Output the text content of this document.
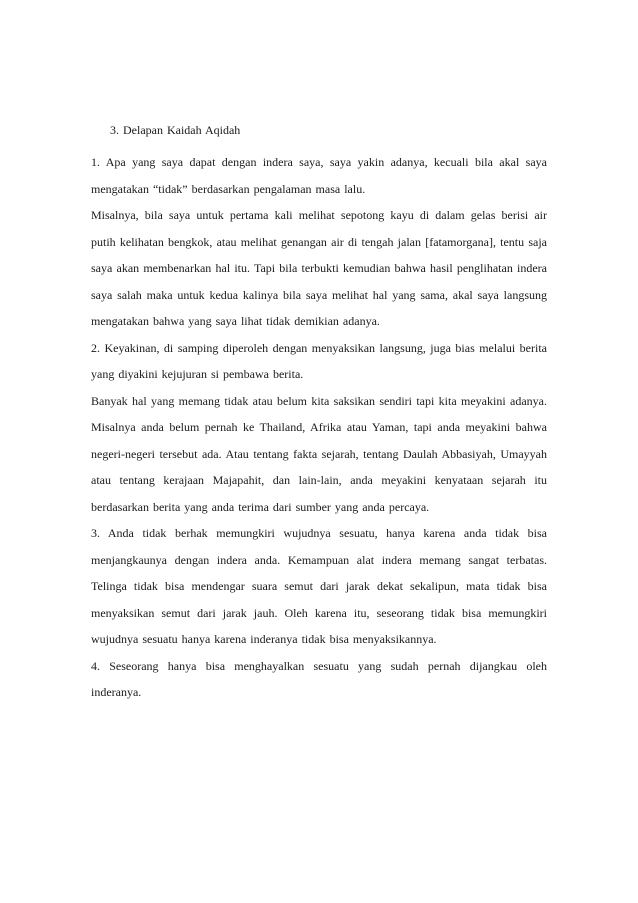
3. Delapan Kaidah Aqidah

1. Apa yang saya dapat dengan indera saya, saya yakin adanya, kecuali bila akal saya mengatakan “tidak” berdasarkan pengalaman masa lalu.

Misalnya, bila saya untuk pertama kali melihat sepotong kayu di dalam gelas berisi air putih kelihatan bengkok, atau melihat genangan air di tengah jalan [fatamorgana], tentu saja saya akan membenarkan hal itu. Tapi bila terbukti kemudian bahwa hasil penglihatan indera saya salah maka untuk kedua kalinya bila saya melihat hal yang sama, akal saya langsung mengatakan bahwa yang saya lihat tidak demikian adanya.

2. Keyakinan, di samping diperoleh dengan menyaksikan langsung, juga bias melalui berita yang diyakini kejujuran si pembawa berita.

Banyak hal yang memang tidak atau belum kita saksikan sendiri tapi kita meyakini adanya. Misalnya anda belum pernah ke Thailand, Afrika atau Yaman, tapi anda meyakini bahwa negeri-negeri tersebut ada. Atau tentang fakta sejarah, tentang Daulah Abbasiyah, Umayyah atau tentang kerajaan Majapahit, dan lain-lain, anda meyakini kenyataan sejarah itu berdasarkan berita yang anda terima dari sumber yang anda percaya.

3. Anda tidak berhak memungkiri wujudnya sesuatu, hanya karena anda tidak bisa menjangkaunya dengan indera anda. Kemampuan alat indera memang sangat terbatas. Telinga tidak bisa mendengar suara semut dari jarak dekat sekalipun, mata tidak bisa menyaksikan semut dari jarak jauh. Oleh karena itu, seseorang tidak bisa memungkiri wujudnya sesuatu hanya karena inderanya tidak bisa menyaksikannya.

4. Seseorang hanya bisa menghayalkan sesuatu yang sudah pernah dijangkau oleh inderanya.
